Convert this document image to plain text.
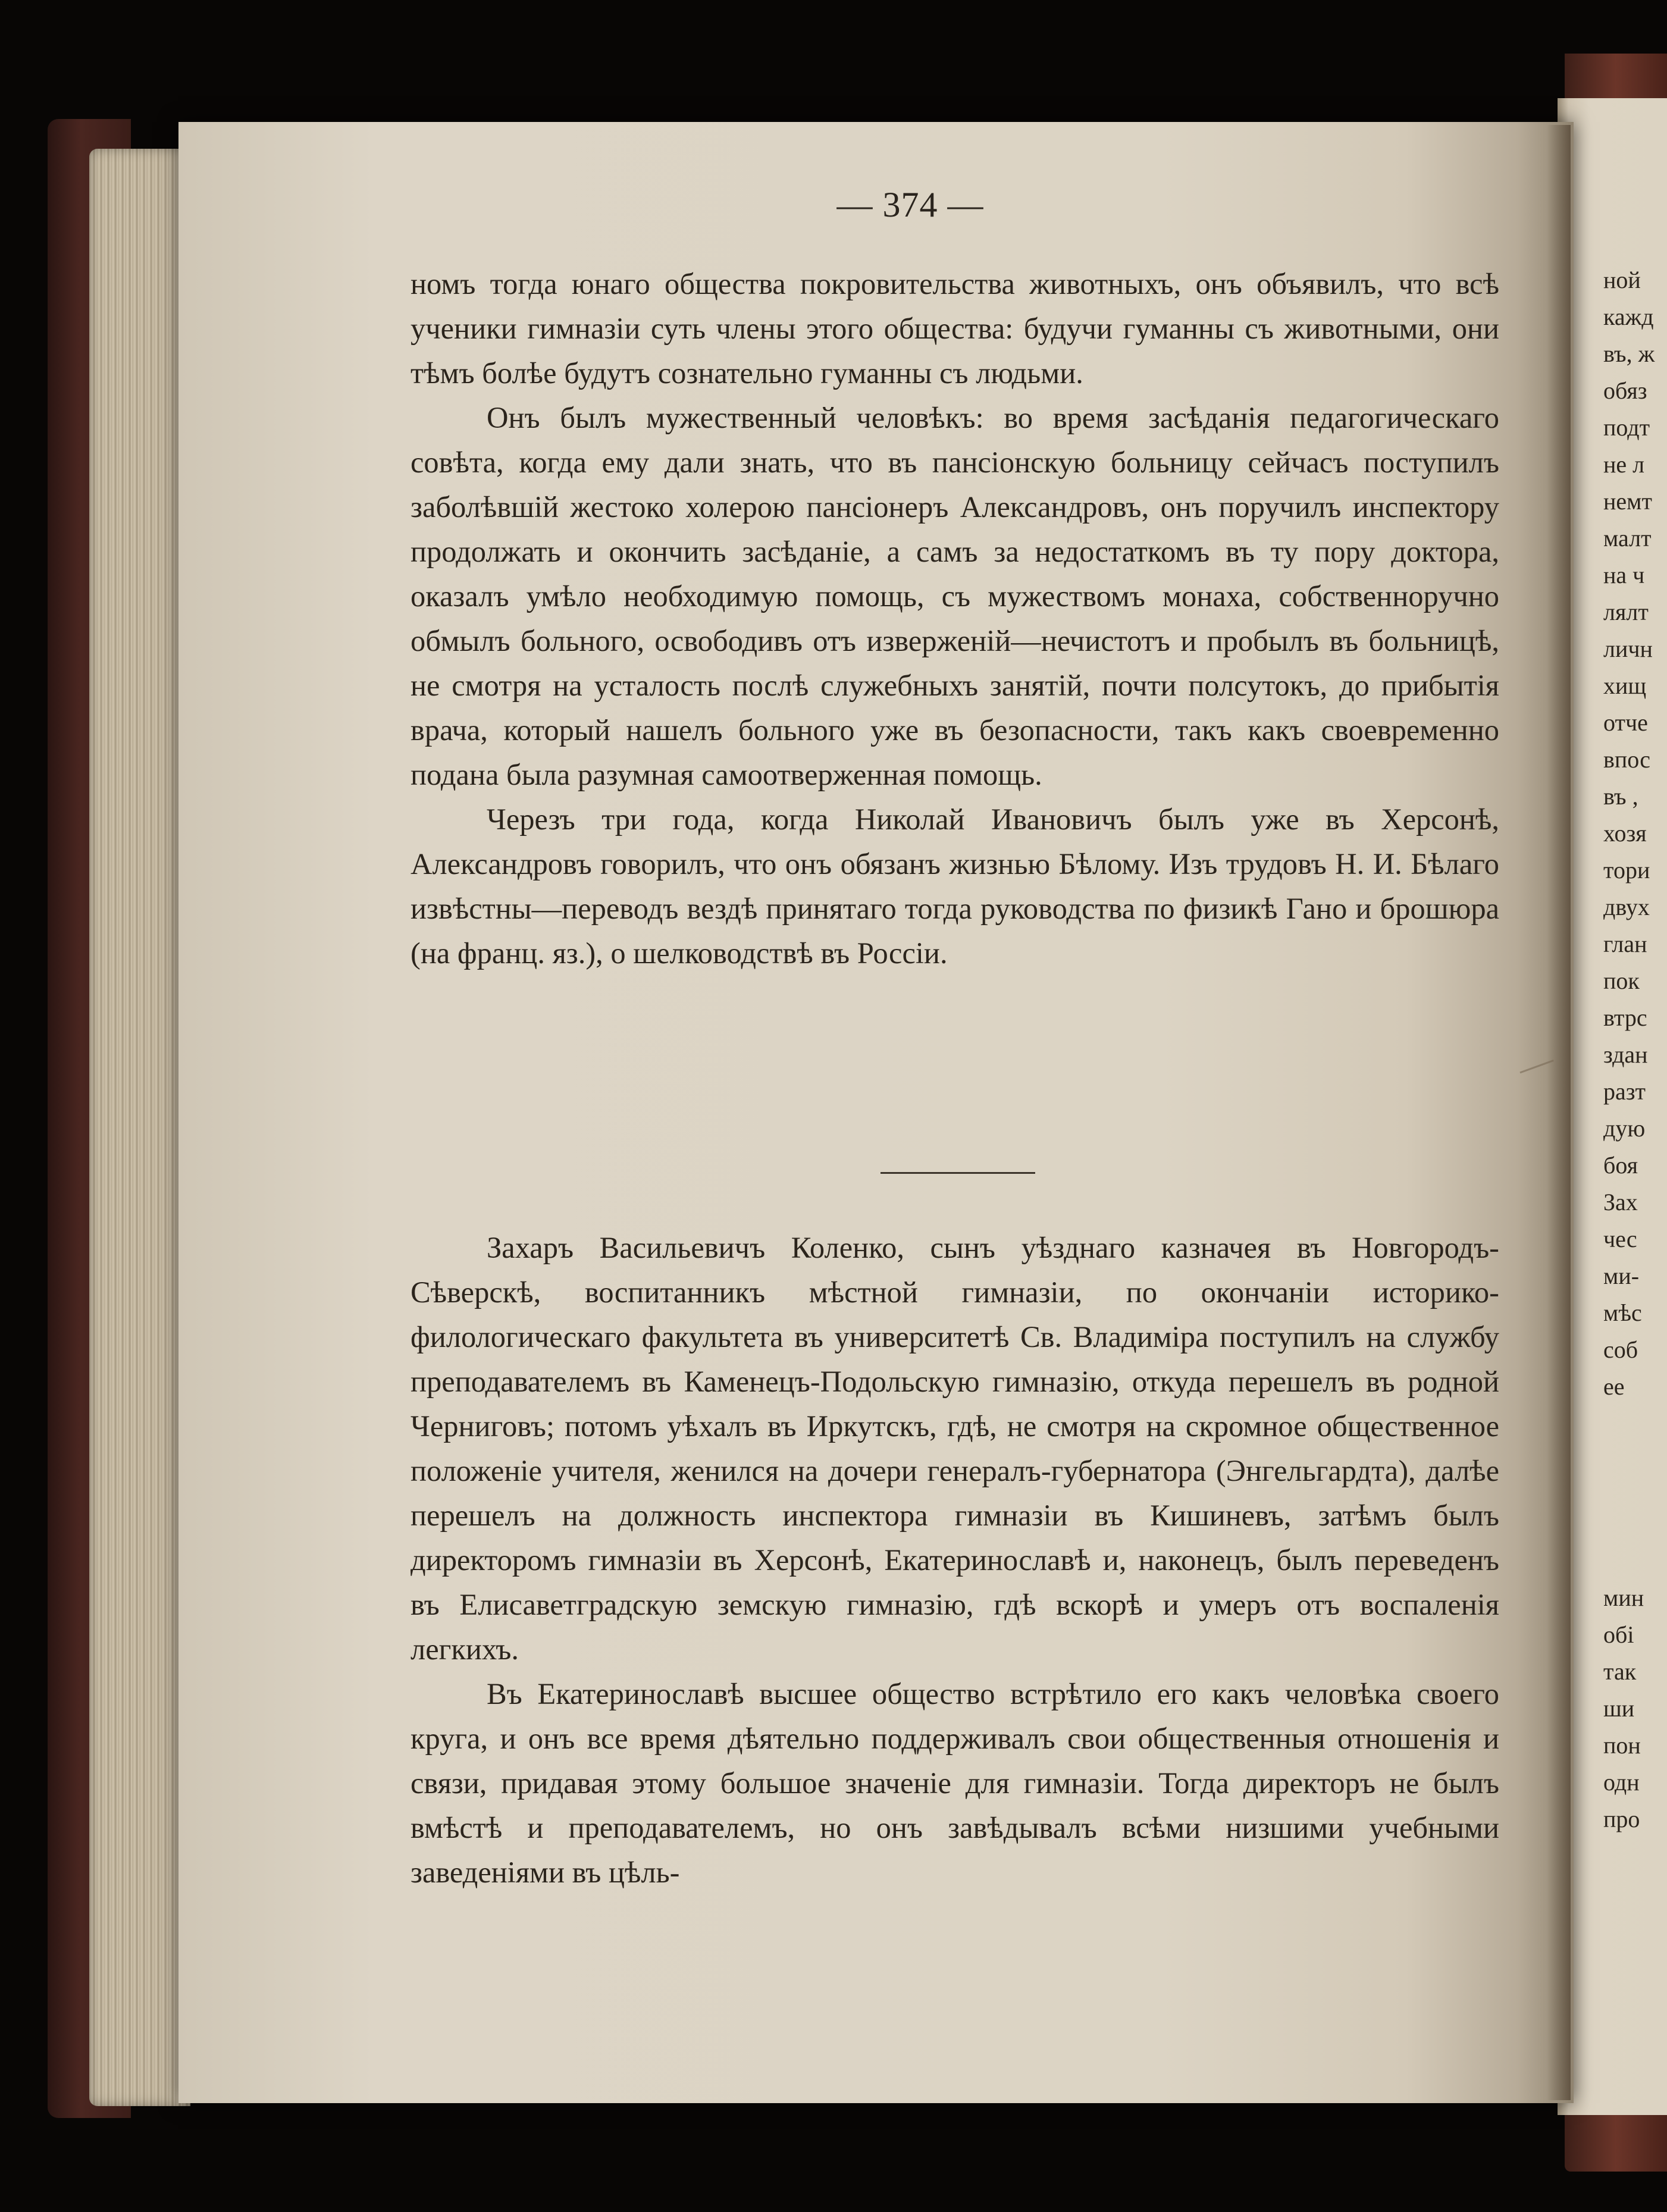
— 374 —

номъ тогда юнаго общества покровительства животныхъ, онъ объявилъ, что всѣ ученики гимназіи суть члены этого общества: будучи гуманны съ животными, они тѣмъ болѣе будутъ сознательно гуманны съ людьми.

Онъ былъ мужественный человѣкъ: во время засѣданія педагогическаго совѣта, когда ему дали знать, что въ пансіонскую больницу сейчасъ поступилъ заболѣвшій жестоко холерою пансіонеръ Александровъ, онъ поручилъ инспектору продолжать и окончить засѣданіе, а самъ за недостаткомъ въ ту пору доктора, оказалъ умѣло необходимую помощь, съ мужествомъ монаха, собственноручно обмылъ больного, освободивъ отъ изверженій—нечистотъ и пробылъ въ больницѣ, не смотря на усталость послѣ служебныхъ занятій, почти полсутокъ, до прибытія врача, который нашелъ больного уже въ безопасности, такъ какъ своевременно подана была разумная самоотверженная помощь.

Черезъ три года, когда Николай Ивановичъ былъ уже въ Херсонѣ, Александровъ говорилъ, что онъ обязанъ жизнью Бѣлому. Изъ трудовъ Н. И. Бѣлаго извѣстны—переводъ вездѣ принятаго тогда руководства по физикѣ Гано и брошюра (на франц. яз.), о шелководствѣ въ Россіи.

Захаръ Васильевичъ Коленко, сынъ уѣзднаго казначея въ Новгородъ-Сѣверскѣ, воспитанникъ мѣстной гимназіи, по окончаніи историко-филологическаго факультета въ университетѣ Св. Владиміра поступилъ на службу преподавателемъ въ Каменецъ-Подольскую гимназію, откуда перешелъ въ родной Черниговъ; потомъ уѣхалъ въ Иркутскъ, гдѣ, не смотря на скромное общественное положеніе учителя, женился на дочери генералъ-губернатора (Энгельгардта), далѣе перешелъ на должность инспектора гимназіи въ Кишиневъ, затѣмъ былъ директоромъ гимназіи въ Херсонѣ, Екатеринославѣ и, наконецъ, былъ переведенъ въ Елисаветградскую земскую гимназію, гдѣ вскорѣ и умеръ отъ воспаленія легкихъ.

Въ Екатеринославѣ высшее общество встрѣтило его какъ человѣка своего круга, и онъ все время дѣятельно поддерживалъ свои общественныя отношенія и связи, придавая этому большое значеніе для гимназіи. Тогда директоръ не былъ вмѣстѣ и преподавателемъ, но онъ завѣдывалъ всѣми низшими учебными заведеніями въ цѣль-

ной
кажд
въ, ж
обяз
подт
не л
немт
малт
на ч
лялт
личн
хищ
отче
впос
въ ,
хозя
тори
двух
глан
пок
втрс
здан
разт
дую
боя
Зах
чес
ми-
мѣс
соб
ее
мин
обі
так
ши
пон
одн
про
